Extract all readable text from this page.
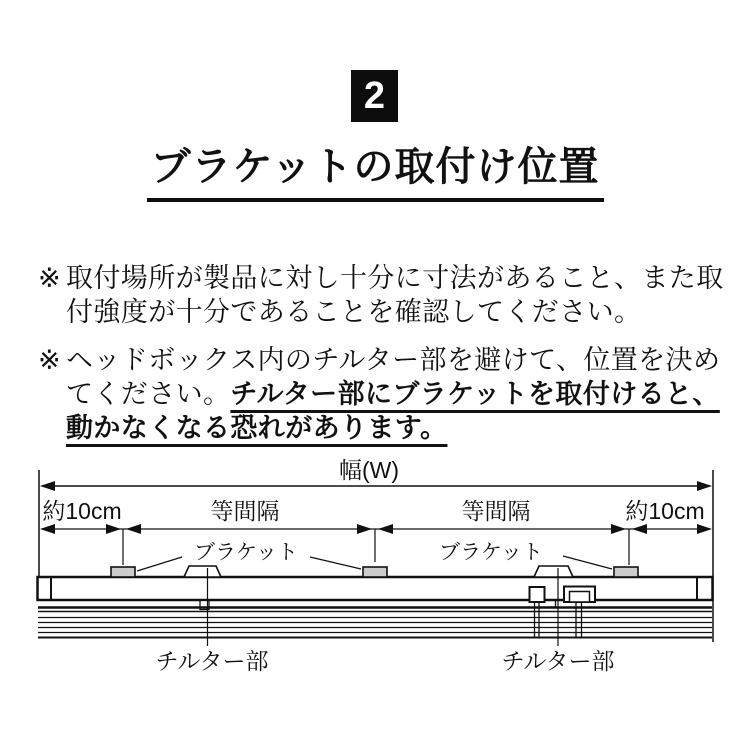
2
ブラケットの取付け位置
※ 取付場所が製品に対し十分に寸法があること、また取付強度が十分であることを確認してください。
※ ヘッドボックス内のチルター部を避けて、位置を決めてください。チルター部にブラケットを取付けると、動かなくなる恐れがあります。
幅(W)
約10cm	等間隔	等間隔	約10cm
ブラケット	ブラケット
チルター部	チルター部
